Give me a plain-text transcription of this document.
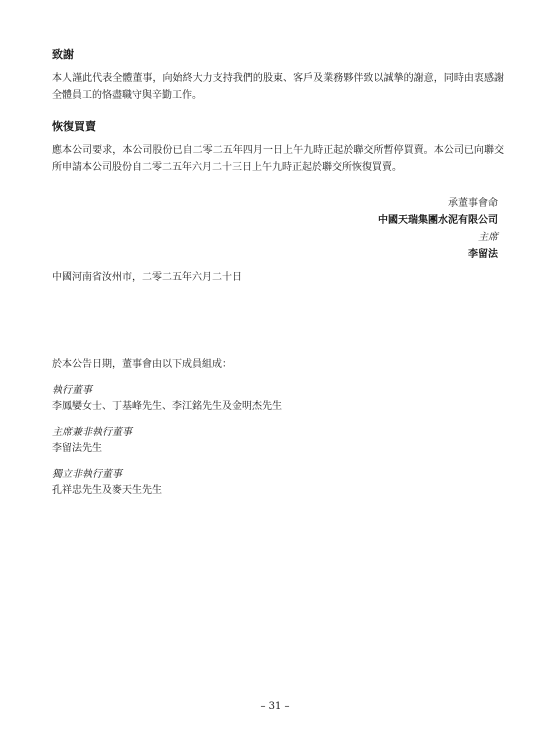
致謝
本人謹此代表全體董事，向始終大力支持我們的股東、客戶及業務夥伴致以誠摯的謝意，同時由衷感謝全體員工的恪盡職守與辛勤工作。
恢復買賣
應本公司要求，本公司股份已自二零二五年四月一日上午九時正起於聯交所暫停買賣。本公司已向聯交所申請本公司股份自二零二五年六月二十三日上午九時正起於聯交所恢復買賣。
承董事會命
中國天瑞集團水泥有限公司
主席
李留法
中國河南省汝州市，二零二五年六月二十日
於本公告日期，董事會由以下成員組成：
執行董事
李鳳孌女士、丁基峰先生、李江銘先生及金明杰先生
主席兼非執行董事
李留法先生
獨立非執行董事
孔祥忠先生及麥天生先生
– 31 –
